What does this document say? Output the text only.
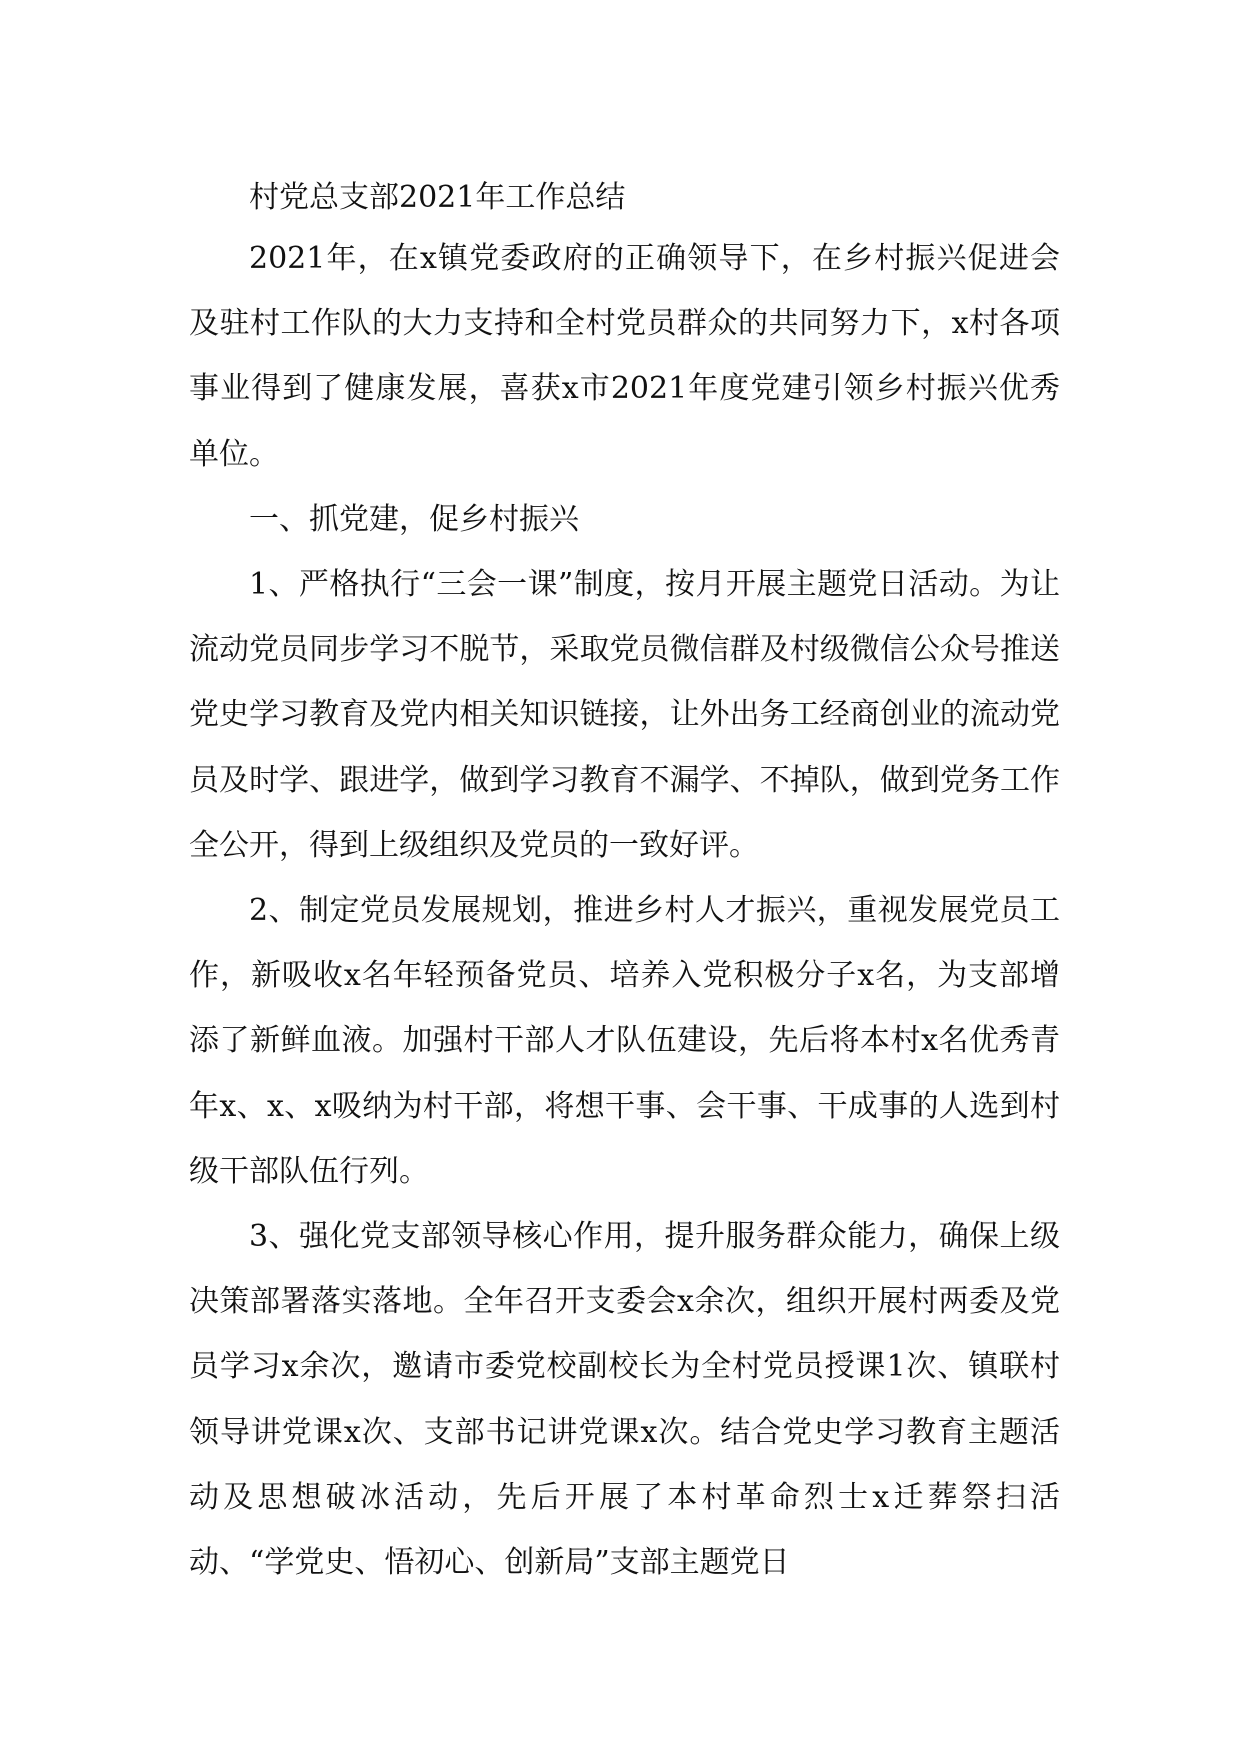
村党总支部2021年工作总结

2021年，在x镇党委政府的正确领导下，在乡村振兴促进会及驻村工作队的大力支持和全村党员群众的共同努力下，x村各项事业得到了健康发展，喜获x市2021年度党建引领乡村振兴优秀单位。

一、抓党建，促乡村振兴

1、严格执行“三会一课”制度，按月开展主题党日活动。为让流动党员同步学习不脱节，采取党员微信群及村级微信公众号推送党史学习教育及党内相关知识链接，让外出务工经商创业的流动党员及时学、跟进学，做到学习教育不漏学、不掉队，做到党务工作全公开，得到上级组织及党员的一致好评。

2、制定党员发展规划，推进乡村人才振兴，重视发展党员工作，新吸收x名年轻预备党员、培养入党积极分子x名，为支部增添了新鲜血液。加强村干部人才队伍建设，先后将本村x名优秀青年x、x、x吸纳为村干部，将想干事、会干事、干成事的人选到村级干部队伍行列。

3、强化党支部领导核心作用，提升服务群众能力，确保上级决策部署落实落地。全年召开支委会x余次，组织开展村两委及党员学习x余次，邀请市委党校副校长为全村党员授课1次、镇联村领导讲党课x次、支部书记讲党课x次。结合党史学习教育主题活动及思想破冰活动，先后开展了本村革命烈士x迁葬祭扫活动、“学党史、悟初心、创新局”支部主题党日
